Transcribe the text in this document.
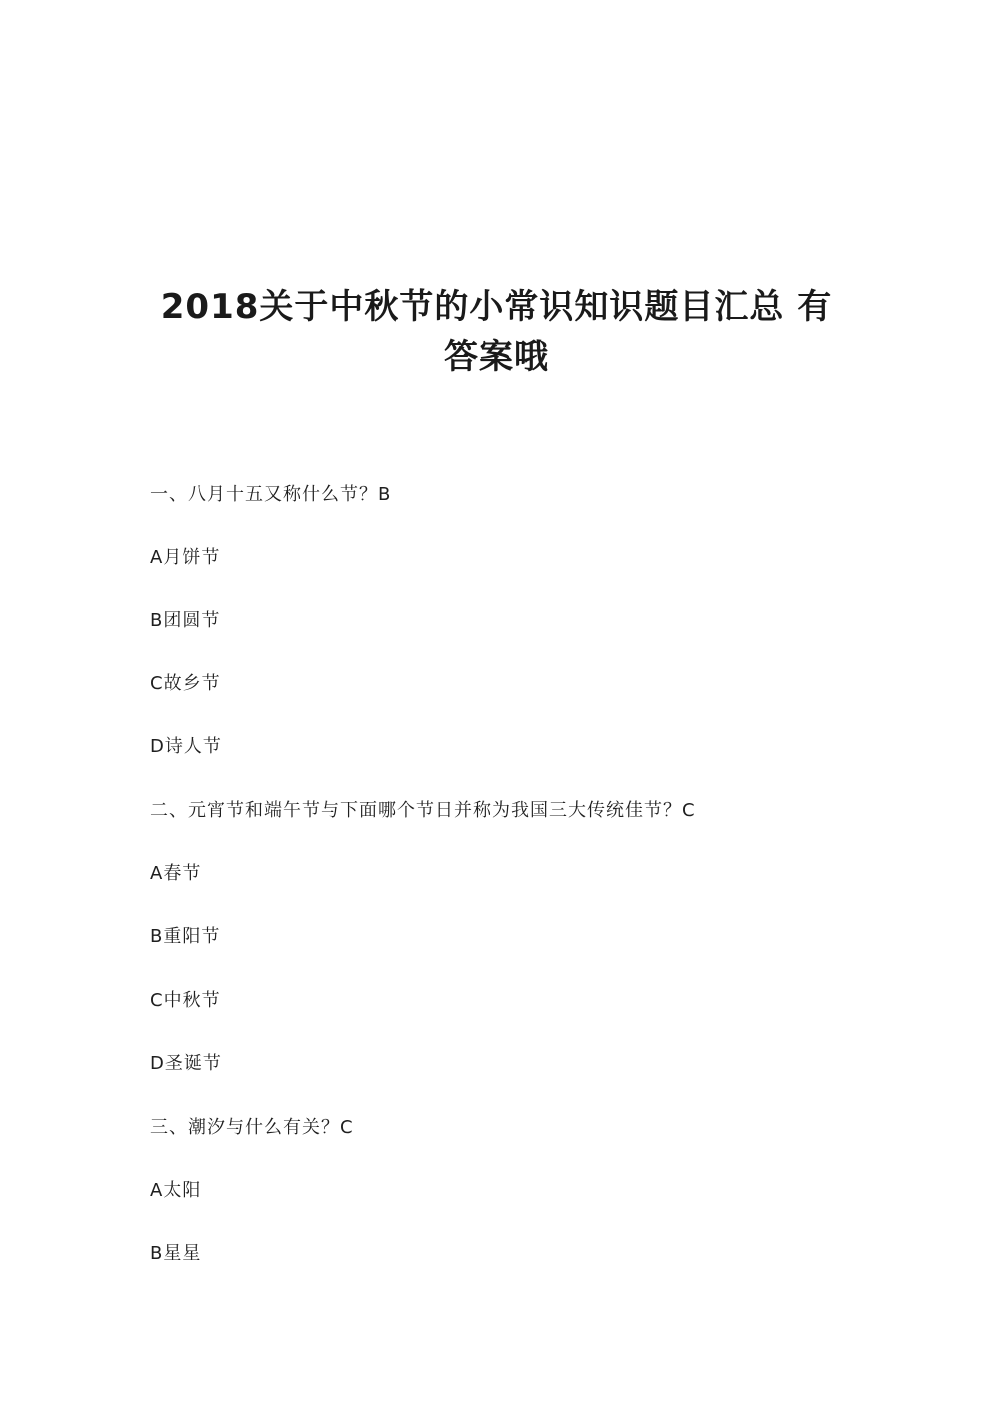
2018关于中秋节的小常识知识题目汇总 有
答案哦
一、八月十五又称什么节？B
A月饼节
B团圆节
C故乡节
D诗人节
二、元宵节和端午节与下面哪个节日并称为我国三大传统佳节？C
A春节
B重阳节
C中秋节
D圣诞节
三、潮汐与什么有关？C
A太阳
B星星
